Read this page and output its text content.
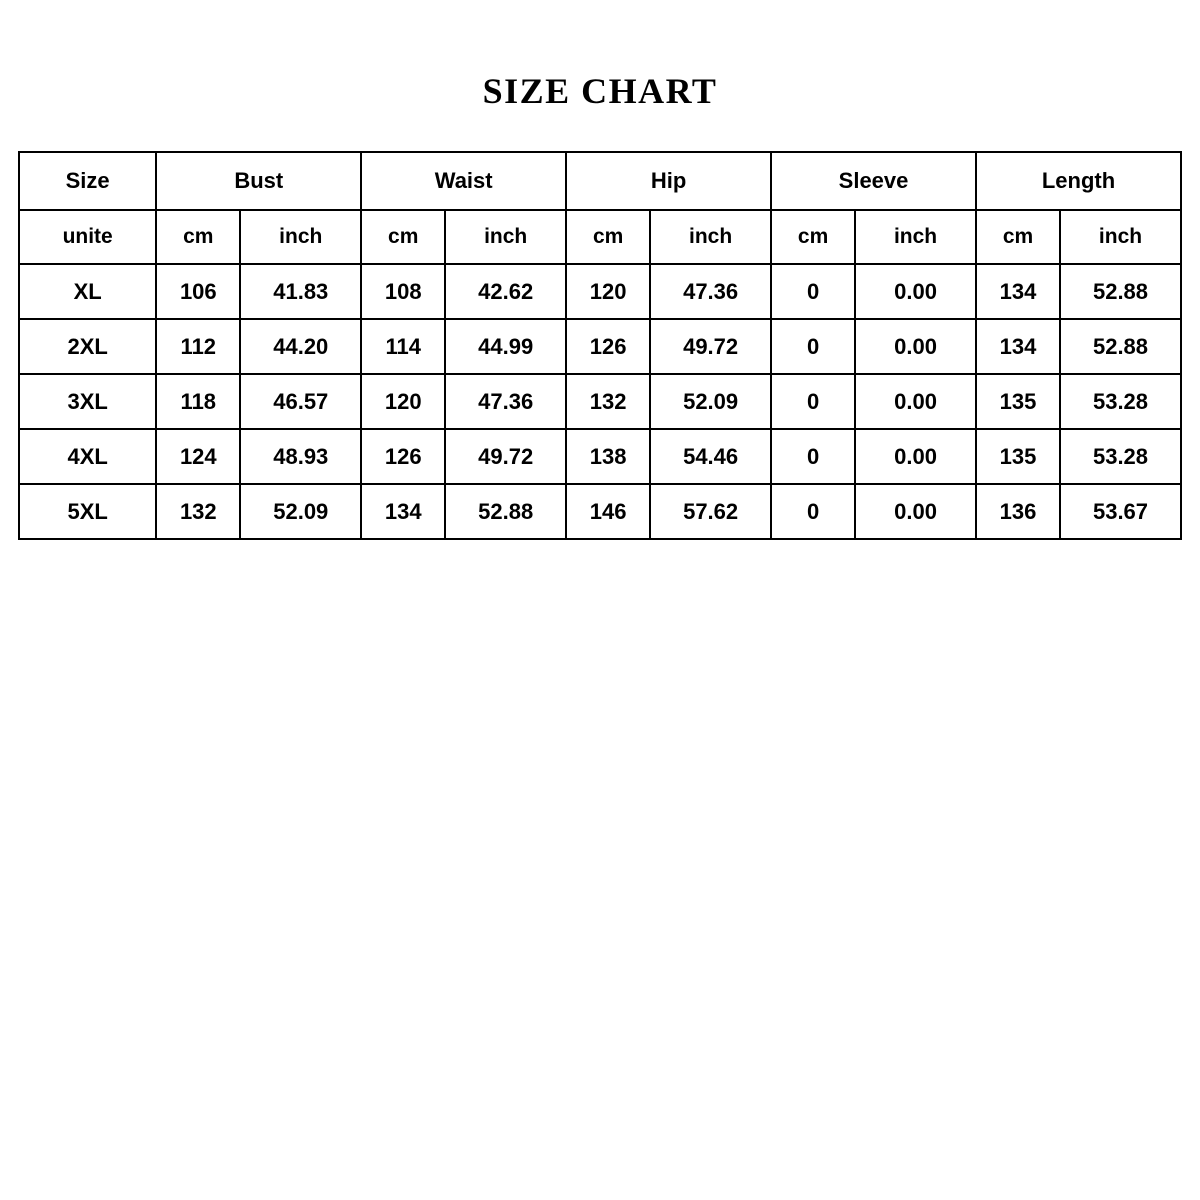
SIZE CHART
Size	Bust		Waist		Hip		Sleeve		Length	
unite	cm	inch	cm	inch	cm	inch	cm	inch	cm	inch
XL	106	41.83	108	42.62	120	47.36	0	0.00	134	52.88
2XL	112	44.20	114	44.99	126	49.72	0	0.00	134	52.88
3XL	118	46.57	120	47.36	132	52.09	0	0.00	135	53.28
4XL	124	48.93	126	49.72	138	54.46	0	0.00	135	53.28
5XL	132	52.09	134	52.88	146	57.62	0	0.00	136	53.67
